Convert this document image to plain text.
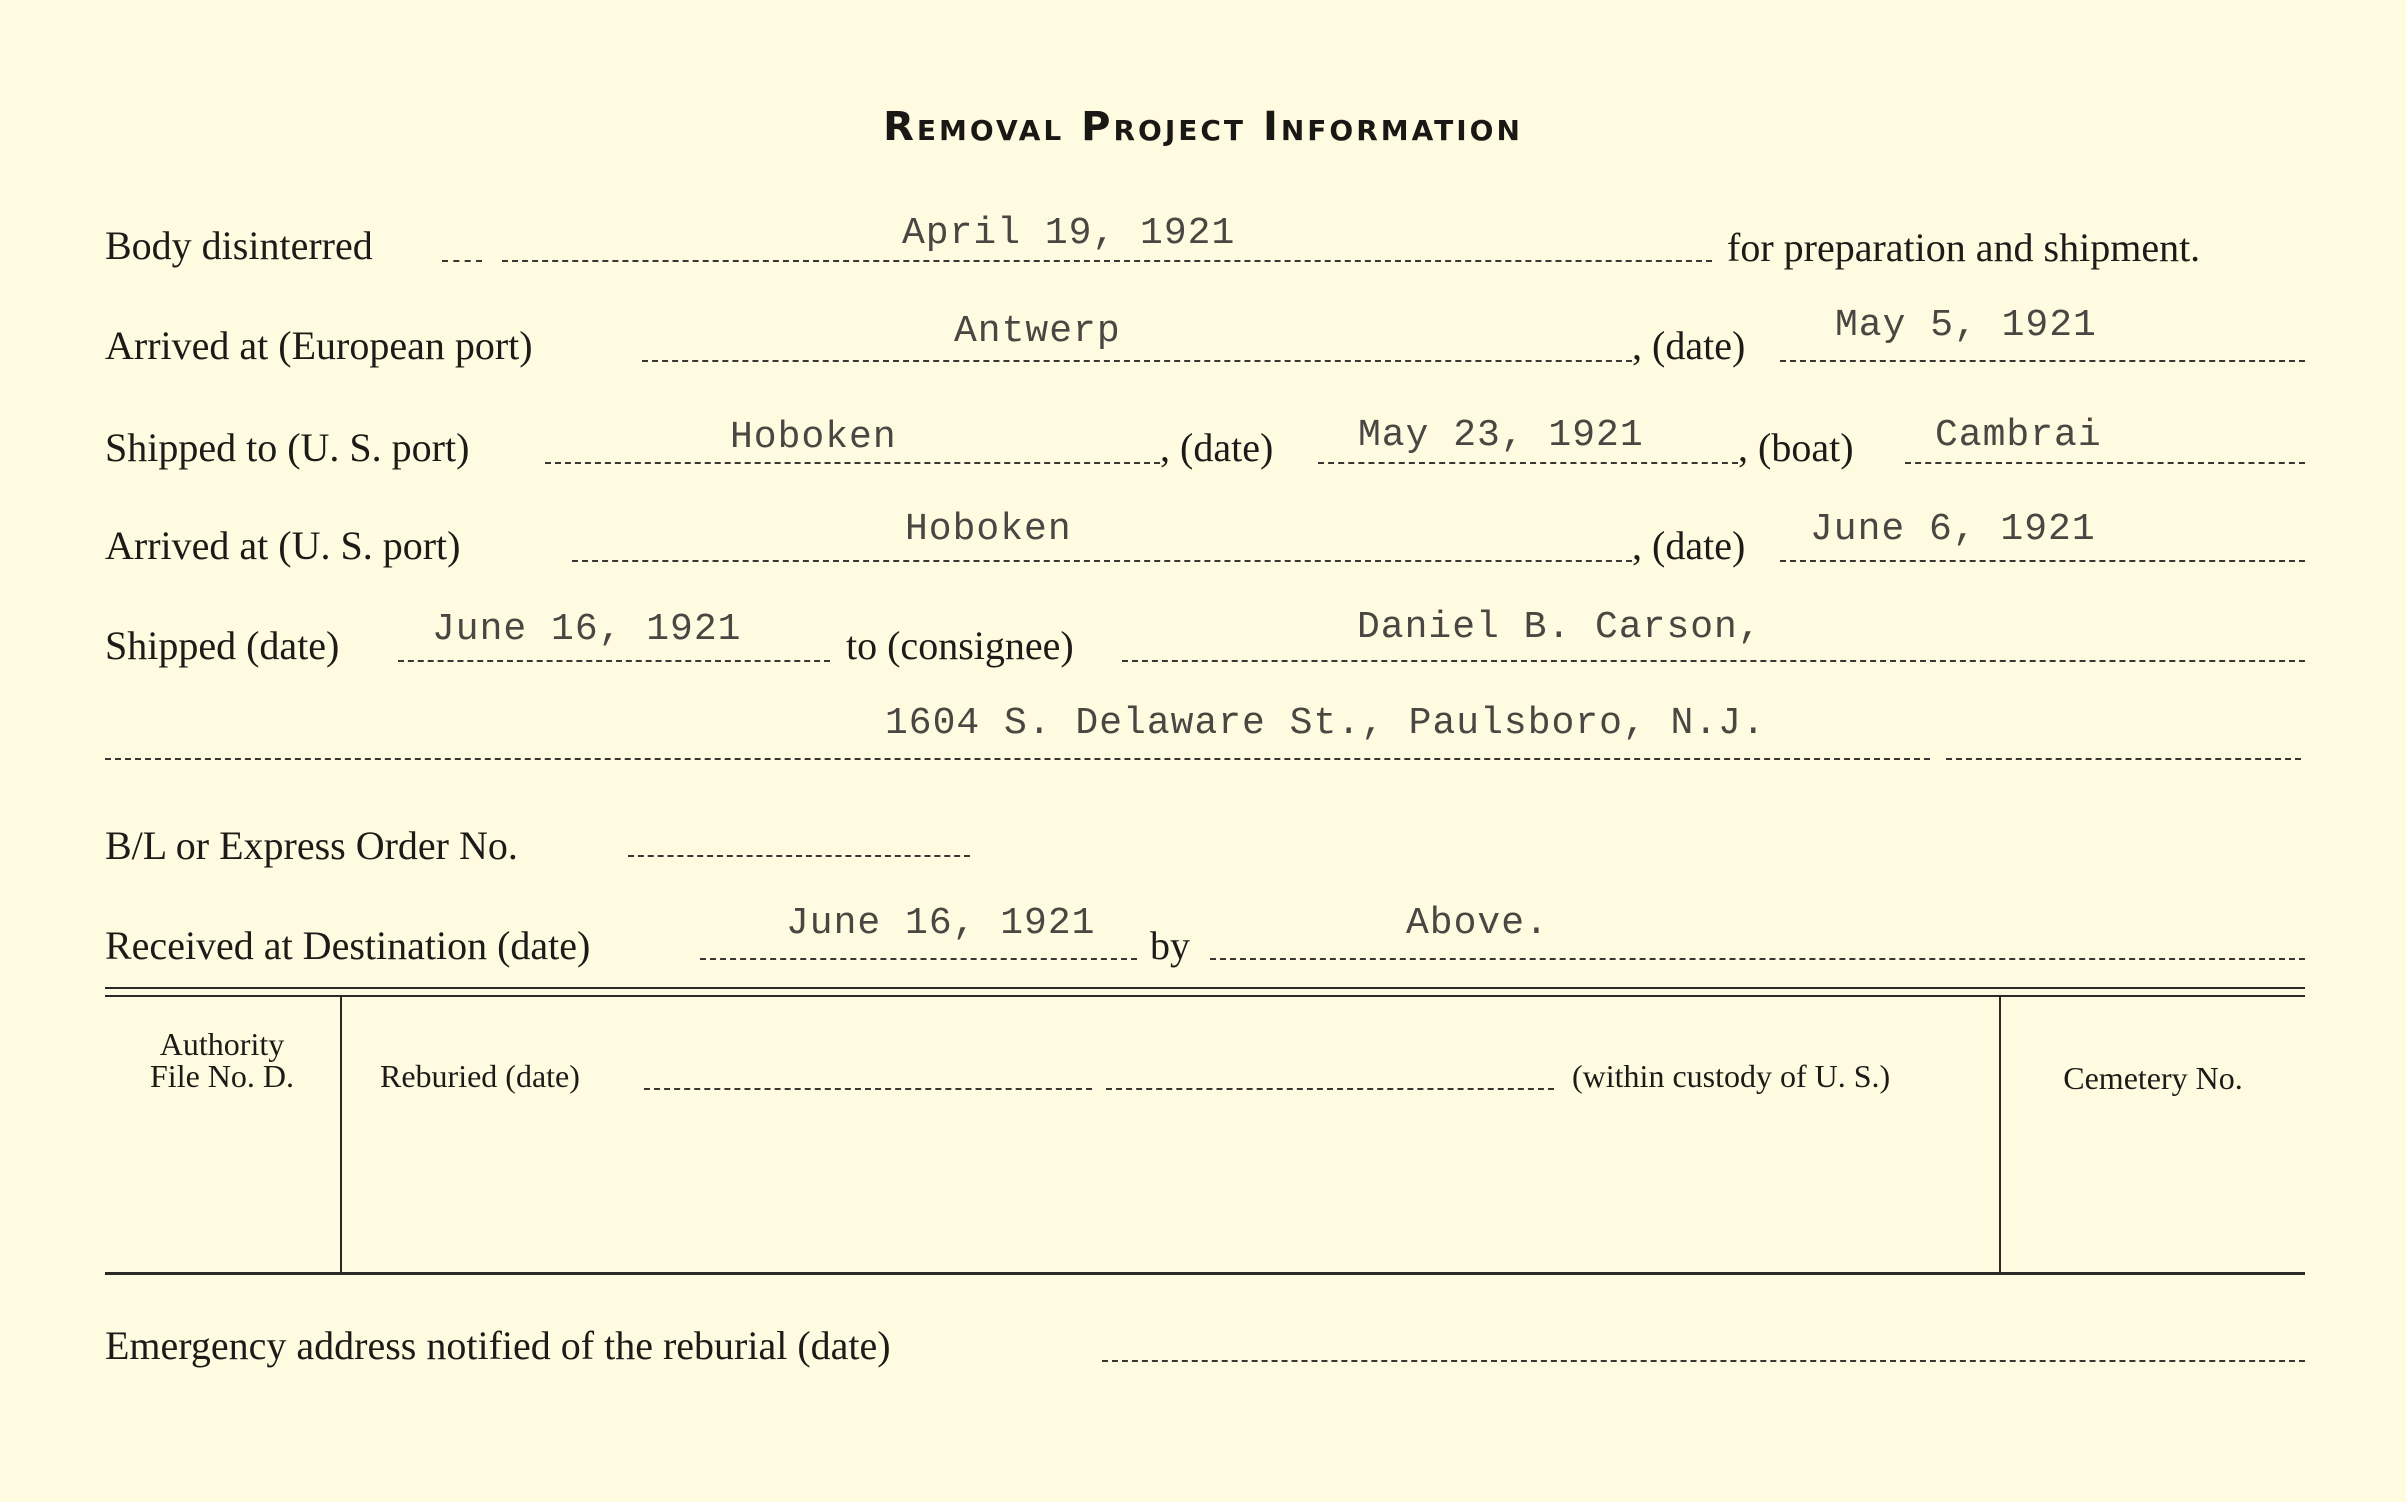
Removal Project Information
Body disinterred	April 19, 1921	for preparation and shipment.
Arrived at (European port)	Antwerp	, (date) May 5, 1921
Shipped to (U. S. port)	Hoboken	, (date) May 23, 1921 , (boat) Cambrai
Arrived at (U. S. port)	Hoboken	, (date) June 6, 1921
Shipped (date) June 16, 1921	to (consignee)	Daniel B. Carson,
1604 S. Delaware St., Paulsboro, N.J.
B/L or Express Order No.
Received at Destination (date)	June 16, 1921 by	Above.
Authority
File No. D.	Reburied (date)	(within custody of U. S.)	Cemetery No.
Emergency address notified of the reburial (date)
